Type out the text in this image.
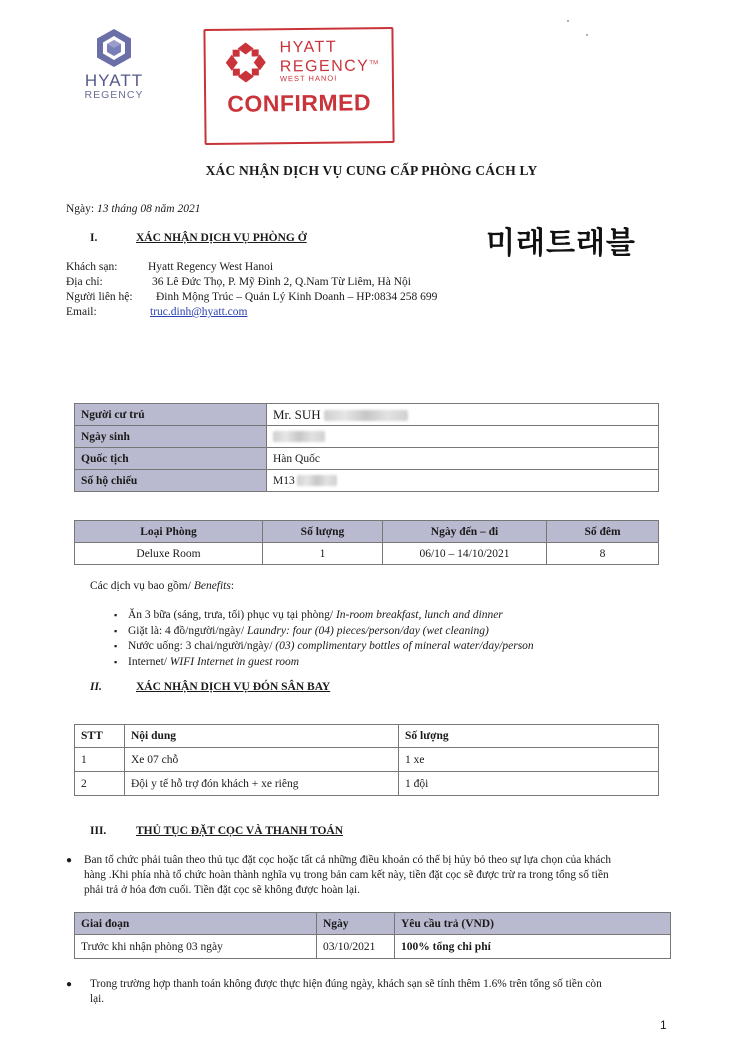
HYATT
REGENCY
HYATT
REGENCY™
WEST HANOI
CONFIRMED
XÁC NHẬN DỊCH VỤ CUNG CẤP PHÒNG CÁCH LY
Ngày: 13 tháng 08 năm 2021
미래트래블
I.	XÁC NHẬN DỊCH VỤ PHÒNG Ở
Khách sạn:	Hyatt Regency West Hanoi
Địa chỉ:	36 Lê Đức Thọ, P. Mỹ Đình 2, Q.Nam Từ Liêm, Hà Nội
Người liên hệ: Đinh Mộng Trúc – Quản Lý Kinh Doanh – HP:0834 258 699
Email:	truc.dinh@hyatt.com
Người cư trú	Mr. SUH
Ngày sinh	
Quốc tịch	Hàn Quốc
Số hộ chiếu	M13
Loại Phòng	Số lượng	Ngày đến – đi	Số đêm
Deluxe Room	1	06/10 – 14/10/2021	8
Các dịch vụ bao gồm/ Benefits:
▪ Ăn 3 bữa (sáng, trưa, tối) phục vụ tại phòng/ In-room breakfast, lunch and dinner
▪ Giặt là: 4 đồ/người/ngày/ Laundry: four (04) pieces/person/day (wet cleaning)
▪ Nước uống: 3 chai/người/ngày/ (03) complimentary bottles of mineral water/day/person
▪ Internet/ WIFI Internet in guest room
II.	XÁC NHẬN DỊCH VỤ ĐÓN SÂN BAY
STT	Nội dung	Số lượng
1	Xe 07 chỗ	1 xe
2	Đội y tế hỗ trợ đón khách + xe riêng	1 đội
III.	THỦ TỤC ĐẶT CỌC VÀ THANH TOÁN
● Ban tổ chức phải tuân theo thủ tục đặt cọc hoặc tất cả những điều khoản có thể bị hủy bỏ theo sự lựa chọn của khách
hàng .Khi phía nhà tổ chức hoàn thành nghĩa vụ trong bản cam kết này, tiền đặt cọc sẽ được trừ ra trong tổng số tiền
phải trả ở hóa đơn cuối. Tiền đặt cọc sẽ không được hoàn lại.
Giai đoạn	Ngày	Yêu cầu trả (VND)
Trước khi nhận phòng 03 ngày	03/10/2021	100% tổng chi phí
● Trong trường hợp thanh toán không được thực hiện đúng ngày, khách sạn sẽ tính thêm 1.6% trên tổng số tiền còn
lại.
1
